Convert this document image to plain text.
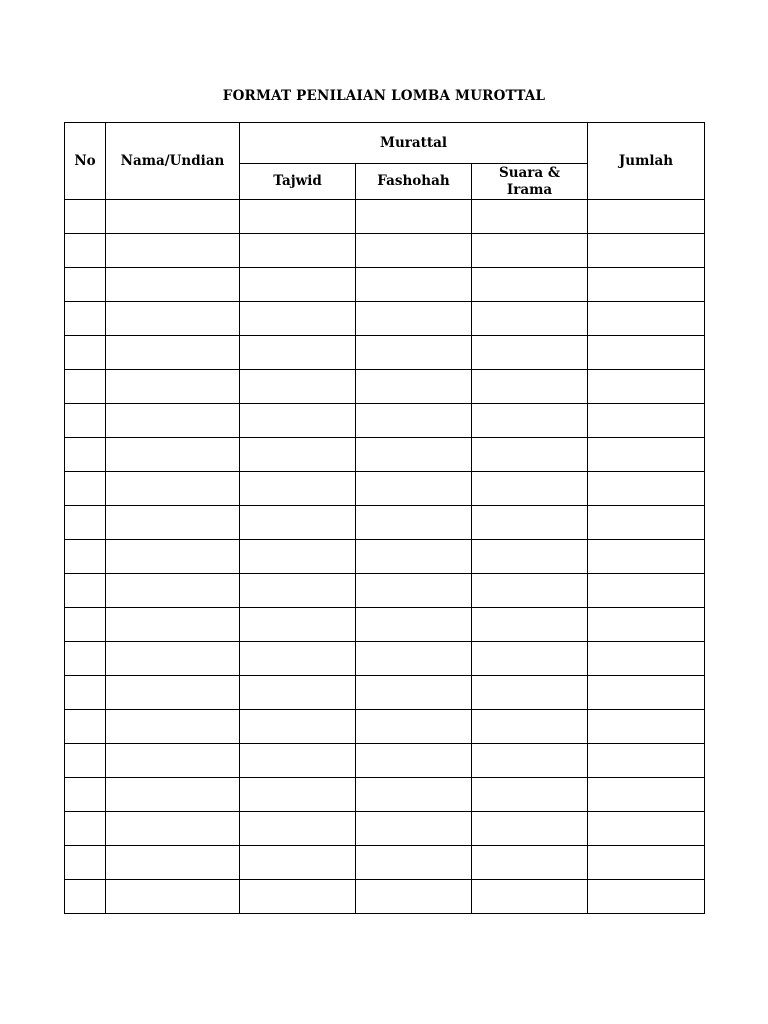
FORMAT PENILAIAN LOMBA MUROTTAL
No	Nama/Undian	Murattal			Jumlah
		Tajwid	Fashohah	Suara & Irama	
